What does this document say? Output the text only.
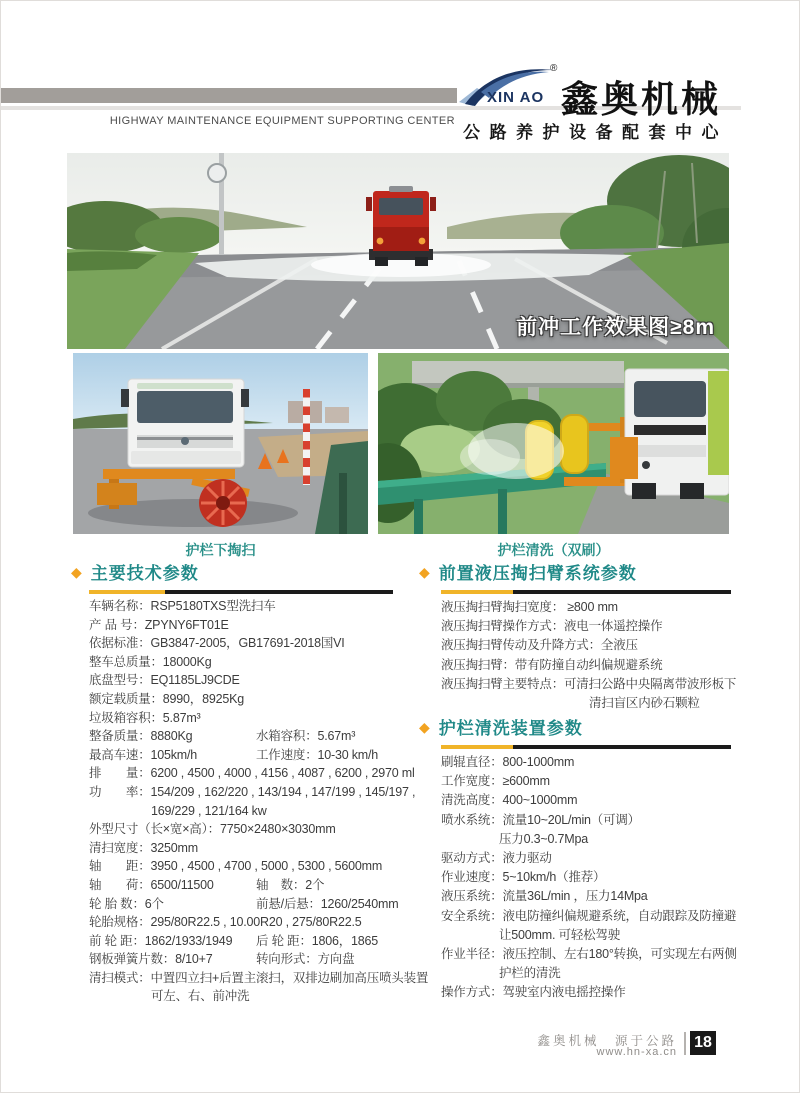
HIGHWAY MAINTENANCE EQUIPMENT SUPPORTING CENTER
XIN AO
®
鑫奥机械
公路养护设备配套中心
前冲工作效果图≥8m
护栏下掏扫	护栏清洗（双刷）
◆ 主要技术参数
车辆名称：RSP5180TXS型洗扫车
产 品 号：ZPYNY6FT01E
依据标准：GB3847-2005，GB17691-2018国VI
整车总质量：18000Kg
底盘型号：EQ1185LJ9CDE
额定载质量：8990，8925Kg
垃圾箱容积：5.87m³
整备质量：8880Kg	水箱容积：5.67m³
最高车速：105km/h	工作速度：10-30 km/h
排　　量：6200 , 4500 , 4000 , 4156 , 4087 , 6200 , 2970 ml
功　　率：154/209 , 162/220 , 143/194 , 147/199 , 145/197 ,
169/229 , 121/164 kw
外型尺寸（长×宽×高）：7750×2480×3030mm
清扫宽度：3250mm
轴　　距：3950 , 4500 , 4700 , 5000 , 5300 , 5600mm
轴　　荷：6500/11500	轴　数：2个
轮 胎 数：6个	前悬/后悬：1260/2540mm
轮胎规格：295/80R22.5 , 10.00R20 , 275/80R22.5
前 轮 距：1862/1933/1949	后 轮 距：1806，1865
钢板弹簧片数：8/10+7	转向形式：方向盘
清扫模式：中置四立扫+后置主滚扫，双排边刷加高压喷头装置
可左、右、前冲洗
◆ 前置液压掏扫臂系统参数
液压掏扫臂掏扫宽度： ≥800 mm
液压掏扫臂操作方式：液电一体遥控操作
液压掏扫臂传动及升降方式：全液压
液压掏扫臂：带有防撞自动纠偏规避系统
液压掏扫臂主要特点：可清扫公路中央隔离带波形板下
清扫盲区内砂石颗粒
◆ 护栏清洗装置参数
刷辊直径：800-1000mm
工作宽度：≥600mm
清洗高度：400~1000mm
喷水系统：流量10~20L/min（可调）
压力0.3~0.7Mpa
驱动方式：液力驱动
作业速度：5~10km/h（推荐）
液压系统：流量36L/min ，压力14Mpa
安全系统：液电防撞纠偏规避系统，自动跟踪及防撞避
让500mm. 可轻松驾驶
作业半径：液压控制、左右180°转换，可实现左右两侧
护栏的清洗
操作方式：驾驶室内液电摇控操作
鑫奥机械　源于公路
www.hn-xa.cn
18
